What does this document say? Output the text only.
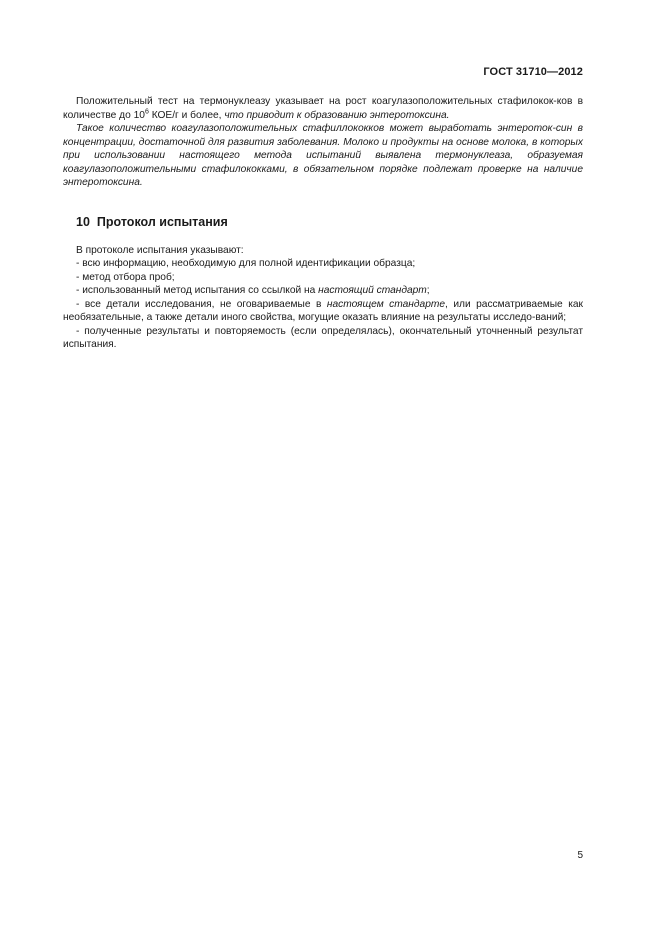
ГОСТ 31710—2012

Положительный тест на термонуклеазу указывает на рост коагулазоположительных стафилокок-ков в количестве до $10^6$ КОЕ/г и более, что приводит к образованию энтеротоксина.

Такое количество коагулазоположительных стафиллококков может выработать энтероток-син в концентрации, достаточной для развития заболевания. Молоко и продукты на основе молока, в которых при использовании настоящего метода испытаний выявлена термонуклеаза, образуемая коагулазоположительными стафилококками, в обязательном порядке подлежат проверке на наличие энтеротоксина.

10 Протокол испытания

В протоколе испытания указывают:

- всю информацию, необходимую для полной идентификации образца;

- метод отбора проб;

- использованный метод испытания со ссылкой на настоящий стандарт;

- все детали исследования, не оговариваемые в настоящем стандарте, или рассматриваемые как необязательные, а также детали иного свойства, могущие оказать влияние на результаты исследо-ваний;

- полученные результаты и повторяемость (если определялась), окончательный уточненный результат испытания.

5
